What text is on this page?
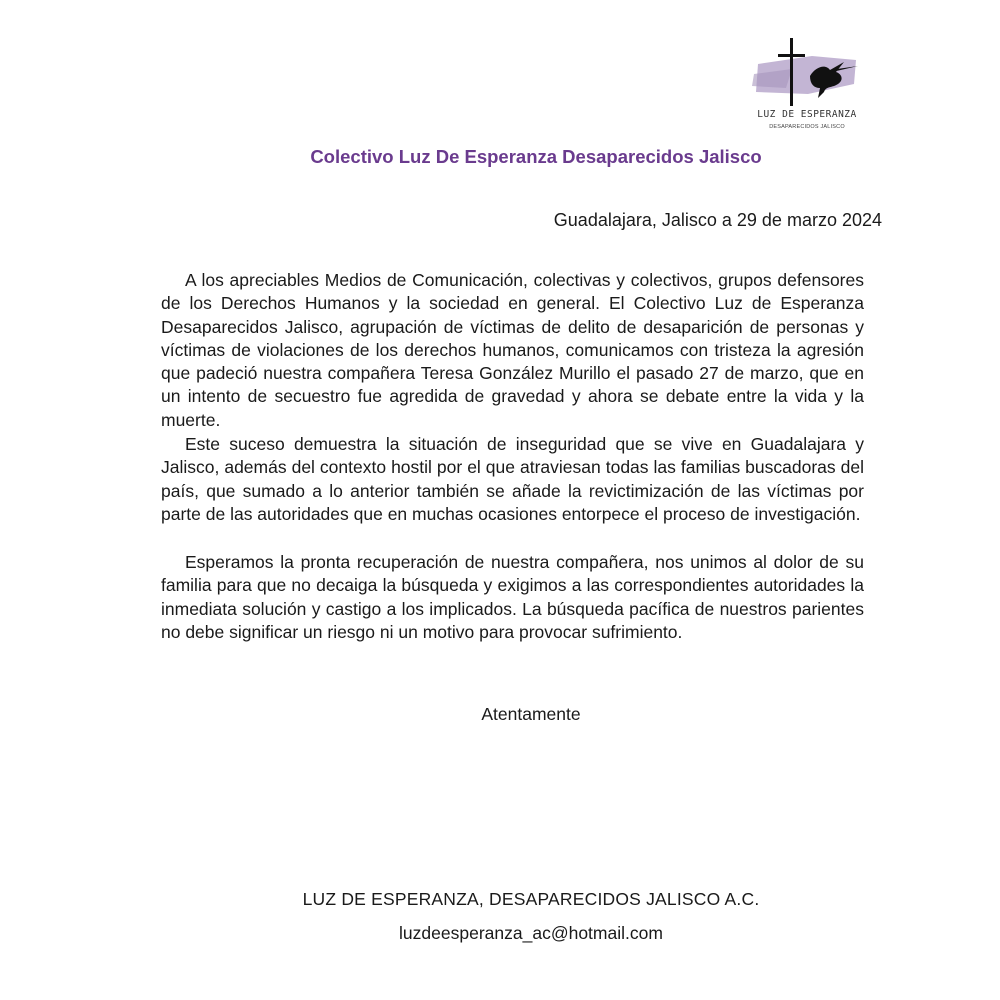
LUZ DE ESPERANZA
DESAPARECIDOS JALISCO
Colectivo Luz De Esperanza Desaparecidos Jalisco
Guadalajara, Jalisco a 29 de marzo 2024

A los apreciables Medios de Comunicación, colectivas y colectivos, grupos defensores de los Derechos Humanos y la sociedad en general. El Colectivo Luz de Esperanza Desaparecidos Jalisco, agrupación de víctimas de delito de desaparición de personas y víctimas de violaciones de los derechos humanos, comunicamos con tristeza la agresión que padeció nuestra compañera Teresa González Murillo el pasado 27 de marzo, que en un intento de secuestro fue agredida de gravedad y ahora se debate entre la vida y la muerte.

Este suceso demuestra la situación de inseguridad que se vive en Guadalajara y Jalisco, además del contexto hostil por el que atraviesan todas las familias buscadoras del país, que sumado a lo anterior también se añade la revictimización de las víctimas por parte de las autoridades que en muchas ocasiones entorpece el proceso de investigación.

Esperamos la pronta recuperación de nuestra compañera, nos unimos al dolor de su familia para que no decaiga la búsqueda y exigimos a las correspondientes autoridades la inmediata solución y castigo a los implicados. La búsqueda pacífica de nuestros parientes no debe significar un riesgo ni un motivo para provocar sufrimiento.

Atentamente
LUZ DE ESPERANZA, DESAPARECIDOS JALISCO A.C.
luzdeesperanza_ac@hotmail.com
